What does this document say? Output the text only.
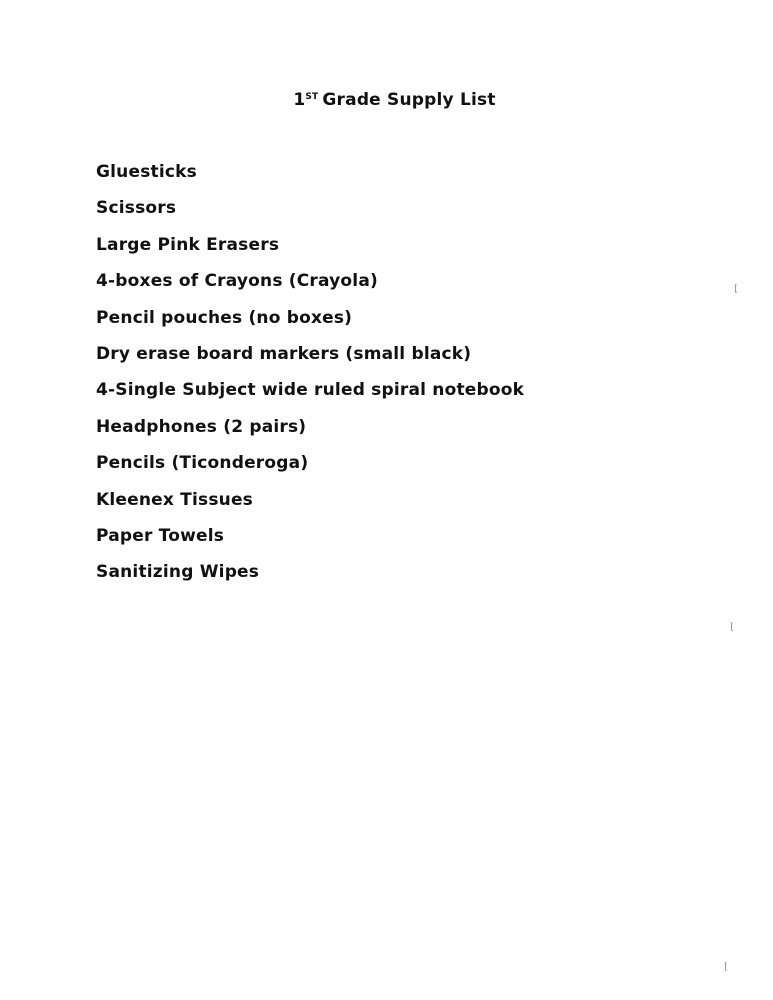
1ST Grade Supply List
Gluesticks
Scissors
Large Pink Erasers
4-boxes of Crayons (Crayola)
Pencil pouches (no boxes)
Dry erase board markers (small black)
4-Single Subject wide ruled spiral notebook
Headphones (2 pairs)
Pencils (Ticonderoga)
Kleenex Tissues
Paper Towels
Sanitizing Wipes
ꞁ
ꞁ
ꞁ
